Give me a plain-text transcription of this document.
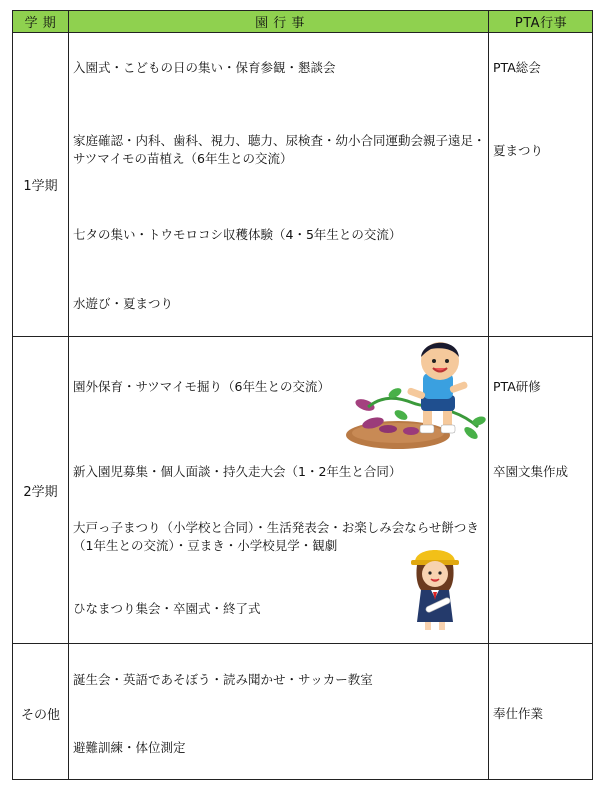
学 期	園 行 事	PTA行事
1学期
入園式・こどもの日の集い・保育参観・懇談会
家庭確認・内科、歯科、視力、聴力、尿検査・幼小合同運動会親子遠足・サツマイモの苗植え（6年生との交流）
七タの集い・トウモロコシ収穫体験（4・5年生との交流）
水遊び・夏まつり
PTA総会
夏まつり
2学期
園外保育・サツマイモ掘り（6年生との交流）
新入園児募集・個人面談・持久走大会（1・2年生と合同）
大戸っ子まつり（小学校と合同）・生活発表会・お楽しみ会ならせ餅つき（1年生との交流）・豆まき・小学校見学・観劇
ひなまつり集会・卒園式・終了式
PTA研修
卒園文集作成
その他
誕生会・英語であそぼう・読み聞かせ・サッカー教室
避難訓練・体位測定
奉仕作業
